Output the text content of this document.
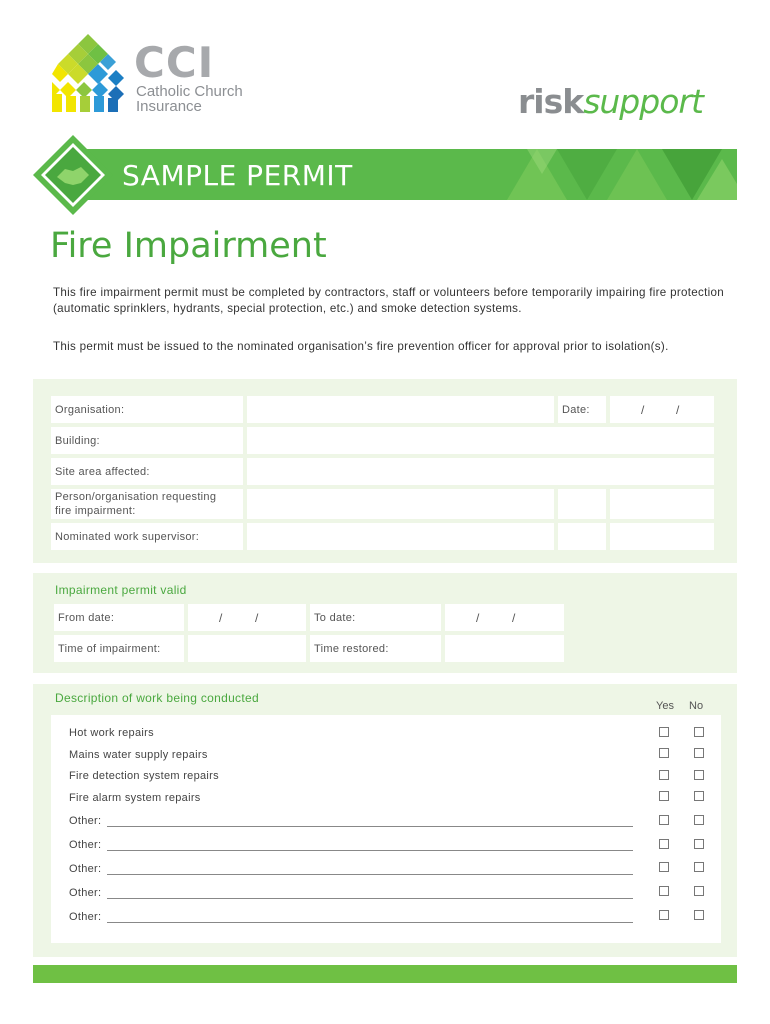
CCI
Catholic Church
Insurance	risksupport
SAMPLE PERMIT
Fire Impairment
This fire impairment permit must be completed by contractors, staff or volunteers before temporarily impairing fire protection (automatic sprinklers, hydrants, special protection, etc.) and smoke detection systems.
This permit must be issued to the nominated organisation’s fire prevention officer for approval prior to isolation(s).
Organisation:	Date:	/	/
Building:
Site area affected:
Person/organisation requesting
fire impairment:
Nominated work supervisor:
Impairment permit valid
From date:	/	/	To date:	/	/
Time of impairment:	Time restored:
Description of work being conducted
Yes No
Hot work repairs
Mains water supply repairs
Fire detection system repairs
Fire alarm system repairs
Other:
Other:
Other:
Other:
Other:
